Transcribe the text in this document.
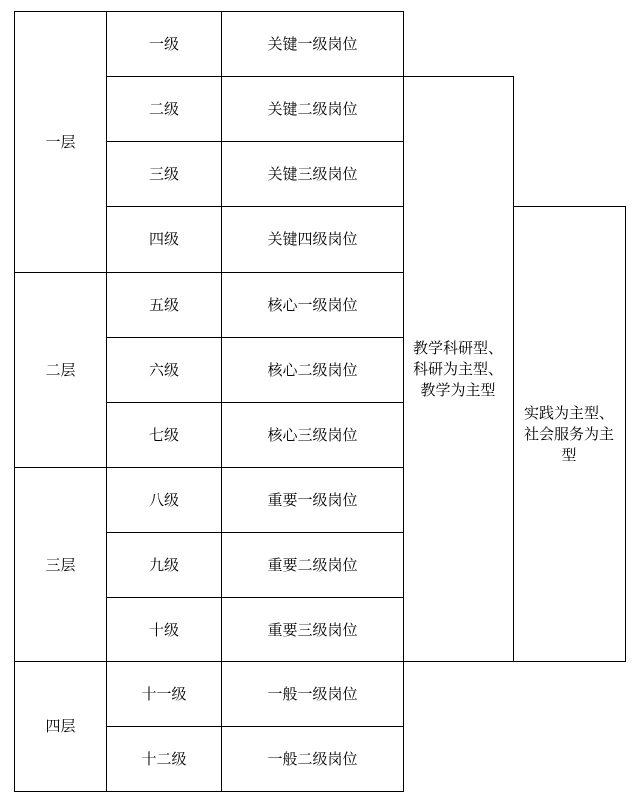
一层
二层
三层
四层
一级
二级
三级
四级
五级
六级
七级
八级
九级
十级
十一级
十二级
关键一级岗位
关键二级岗位
关键三级岗位
关键四级岗位
核心一级岗位
核心二级岗位
核心三级岗位
重要一级岗位
重要二级岗位
重要三级岗位
一般一级岗位
一般二级岗位
教学科研型、科研为主型、教学为主型
实践为主型、社会服务为主型
